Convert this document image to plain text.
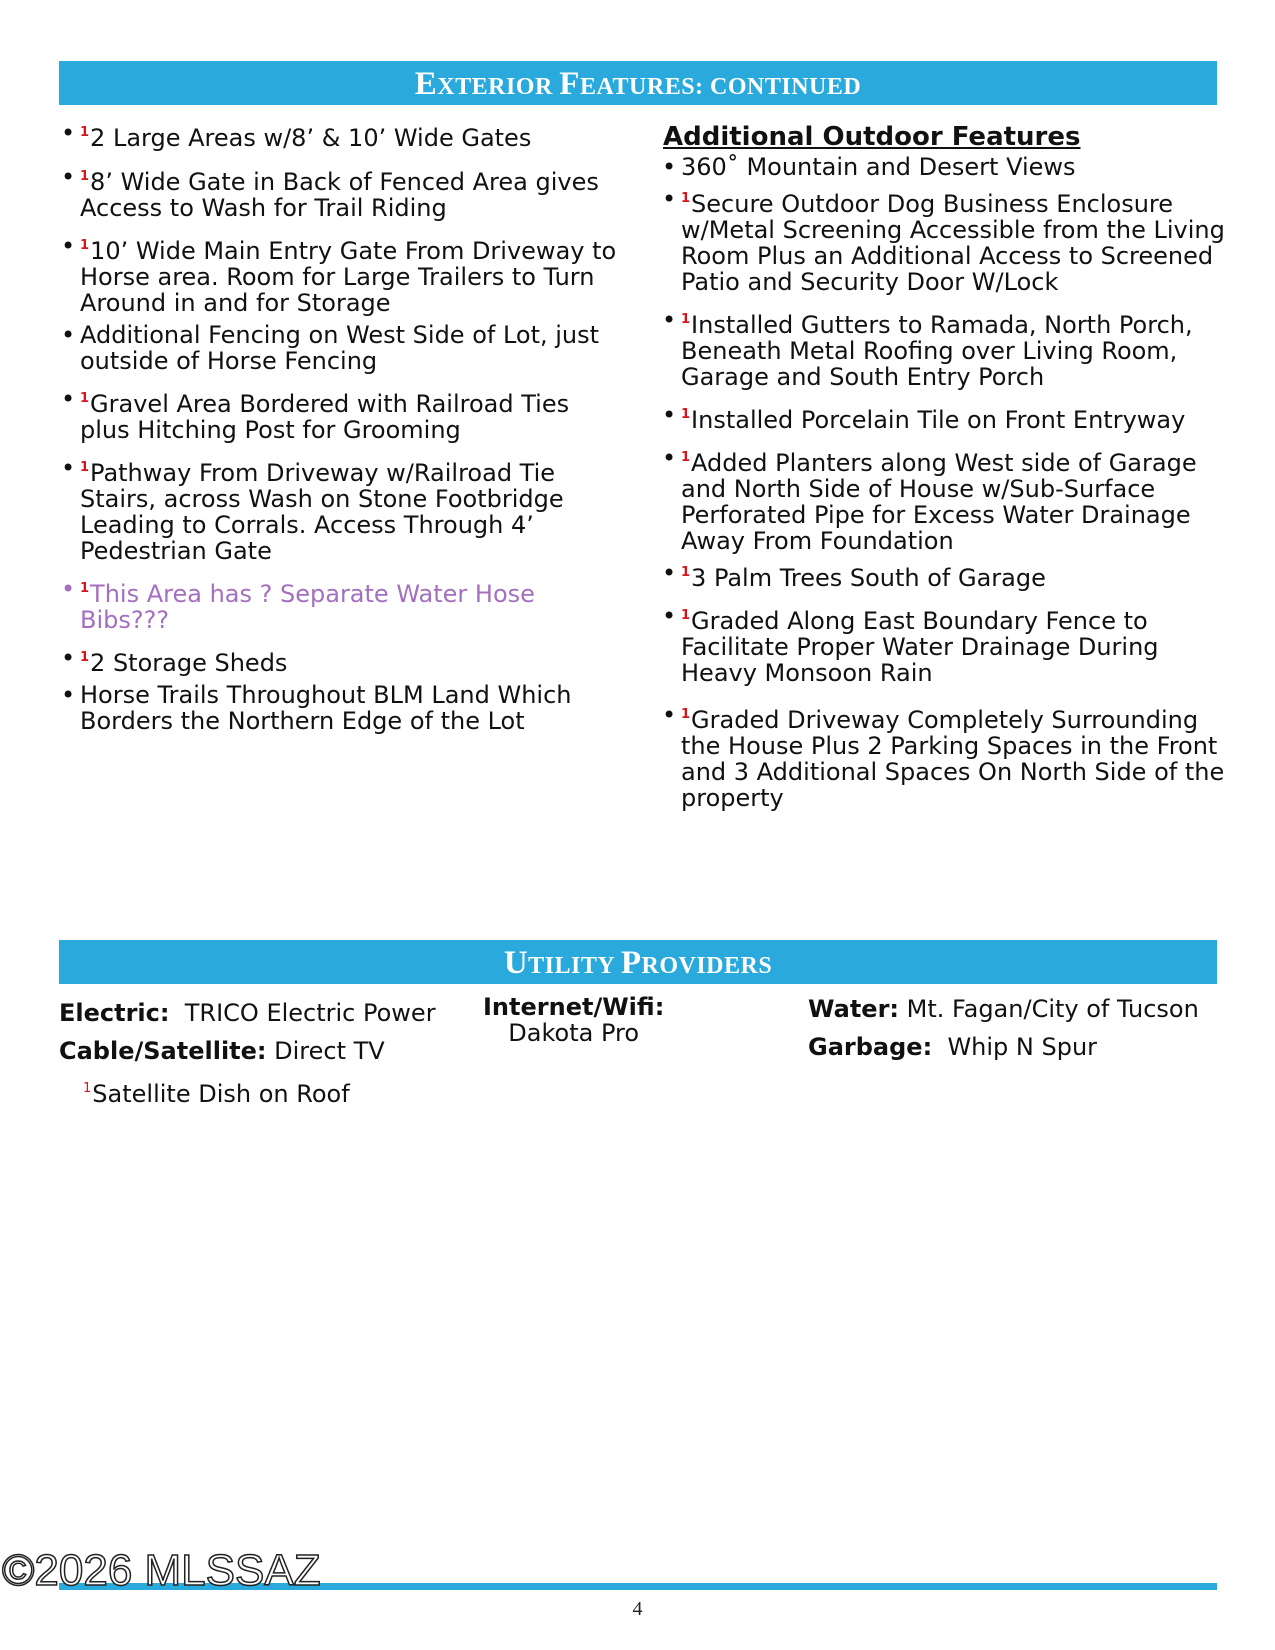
EXTERIOR FEATURES: CONTINUED
• $^1$2 Large Areas w/8’ & 10’ Wide Gates
• $^1$8’ Wide Gate in Back of Fenced Area gives Access to Wash for Trail Riding
• $^1$10’ Wide Main Entry Gate From Driveway to Horse area. Room for Large Trailers to Turn Around in and for Storage
• Additional Fencing on West Side of Lot, just outside of Horse Fencing
• $^1$Gravel Area Bordered with Railroad Ties plus Hitching Post for Grooming
• $^1$Pathway From Driveway w/Railroad Tie Stairs, across Wash on Stone Footbridge Leading to Corrals. Access Through 4’ Pedestrian Gate
• $^1$This Area has ? Separate Water Hose Bibs???
• $^1$2 Storage Sheds
• Horse Trails Throughout BLM Land Which Borders the Northern Edge of the Lot
Additional Outdoor Features
• 360˚ Mountain and Desert Views
• $^1$Secure Outdoor Dog Business Enclosure w/Metal Screening Accessible from the Living Room Plus an Additional Access to Screened Patio and Security Door W/Lock
• $^1$Installed Gutters to Ramada, North Porch, Beneath Metal Roofing over Living Room, Garage and South Entry Porch
• $^1$Installed Porcelain Tile on Front Entryway
• $^1$Added Planters along West side of Garage and North Side of House w/Sub-Surface Perforated Pipe for Excess Water Drainage Away From Foundation
• $^1$3 Palm Trees South of Garage
• $^1$Graded Along East Boundary Fence to Facilitate Proper Water Drainage During Heavy Monsoon Rain
• $^1$Graded Driveway Completely Surrounding the House Plus 2 Parking Spaces in the Front and 3 Additional Spaces On North Side of the property
UTILITY PROVIDERS
Electric: TRICO Electric Power
Cable/Satellite: Direct TV
$^1$Satellite Dish on Roof
Internet/Wifi:
Dakota Pro
Water: Mt. Fagan/City of Tucson
Garbage: Whip N Spur
©2026 MLSSAZ
4
